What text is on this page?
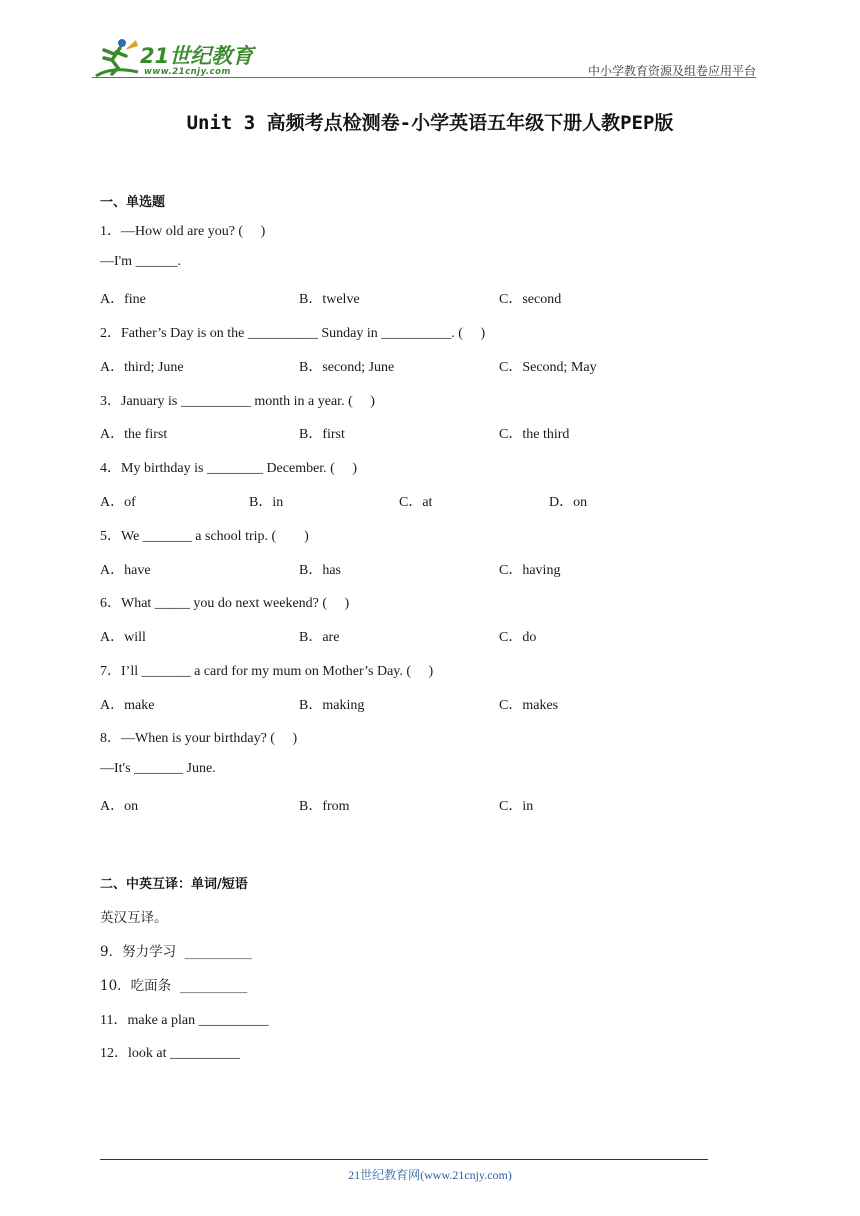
21世纪教育
www.21cnjy.com	中小学教育资源及组卷应用平台
Unit 3 高频考点检测卷-小学英语五年级下册人教PEP版
一、单选题
1．—How old are you? (     )
—I'm ______.
A．fine	B．twelve	C．second
2．Father’s Day is on the __________ Sunday in __________. (     )
A．third; June	B．second; June	C．Second; May
3．January is __________ month in a year. (     )
A．the first	B．first	C．the third
4．My birthday is ________ December. (     )
A．of	B．in	C．at	D．on
5．We _______ a school trip. (        )
A．have	B．has	C．having
6．What _____ you do next weekend? (     )
A．will	B．are	C．do
7．I’ll _______ a card for my mum on Mother’s Day. (     )
A．make	B．making	C．makes
8．—When is your birthday? (     )
—It's _______ June.
A．on	B．from	C．in
二、中英互译：单词/短语
英汉互译。
9．努力学习  __________
10．吃面条  __________
11．make a plan __________
12．look at __________
21世纪教育网(www.21cnjy.com)
